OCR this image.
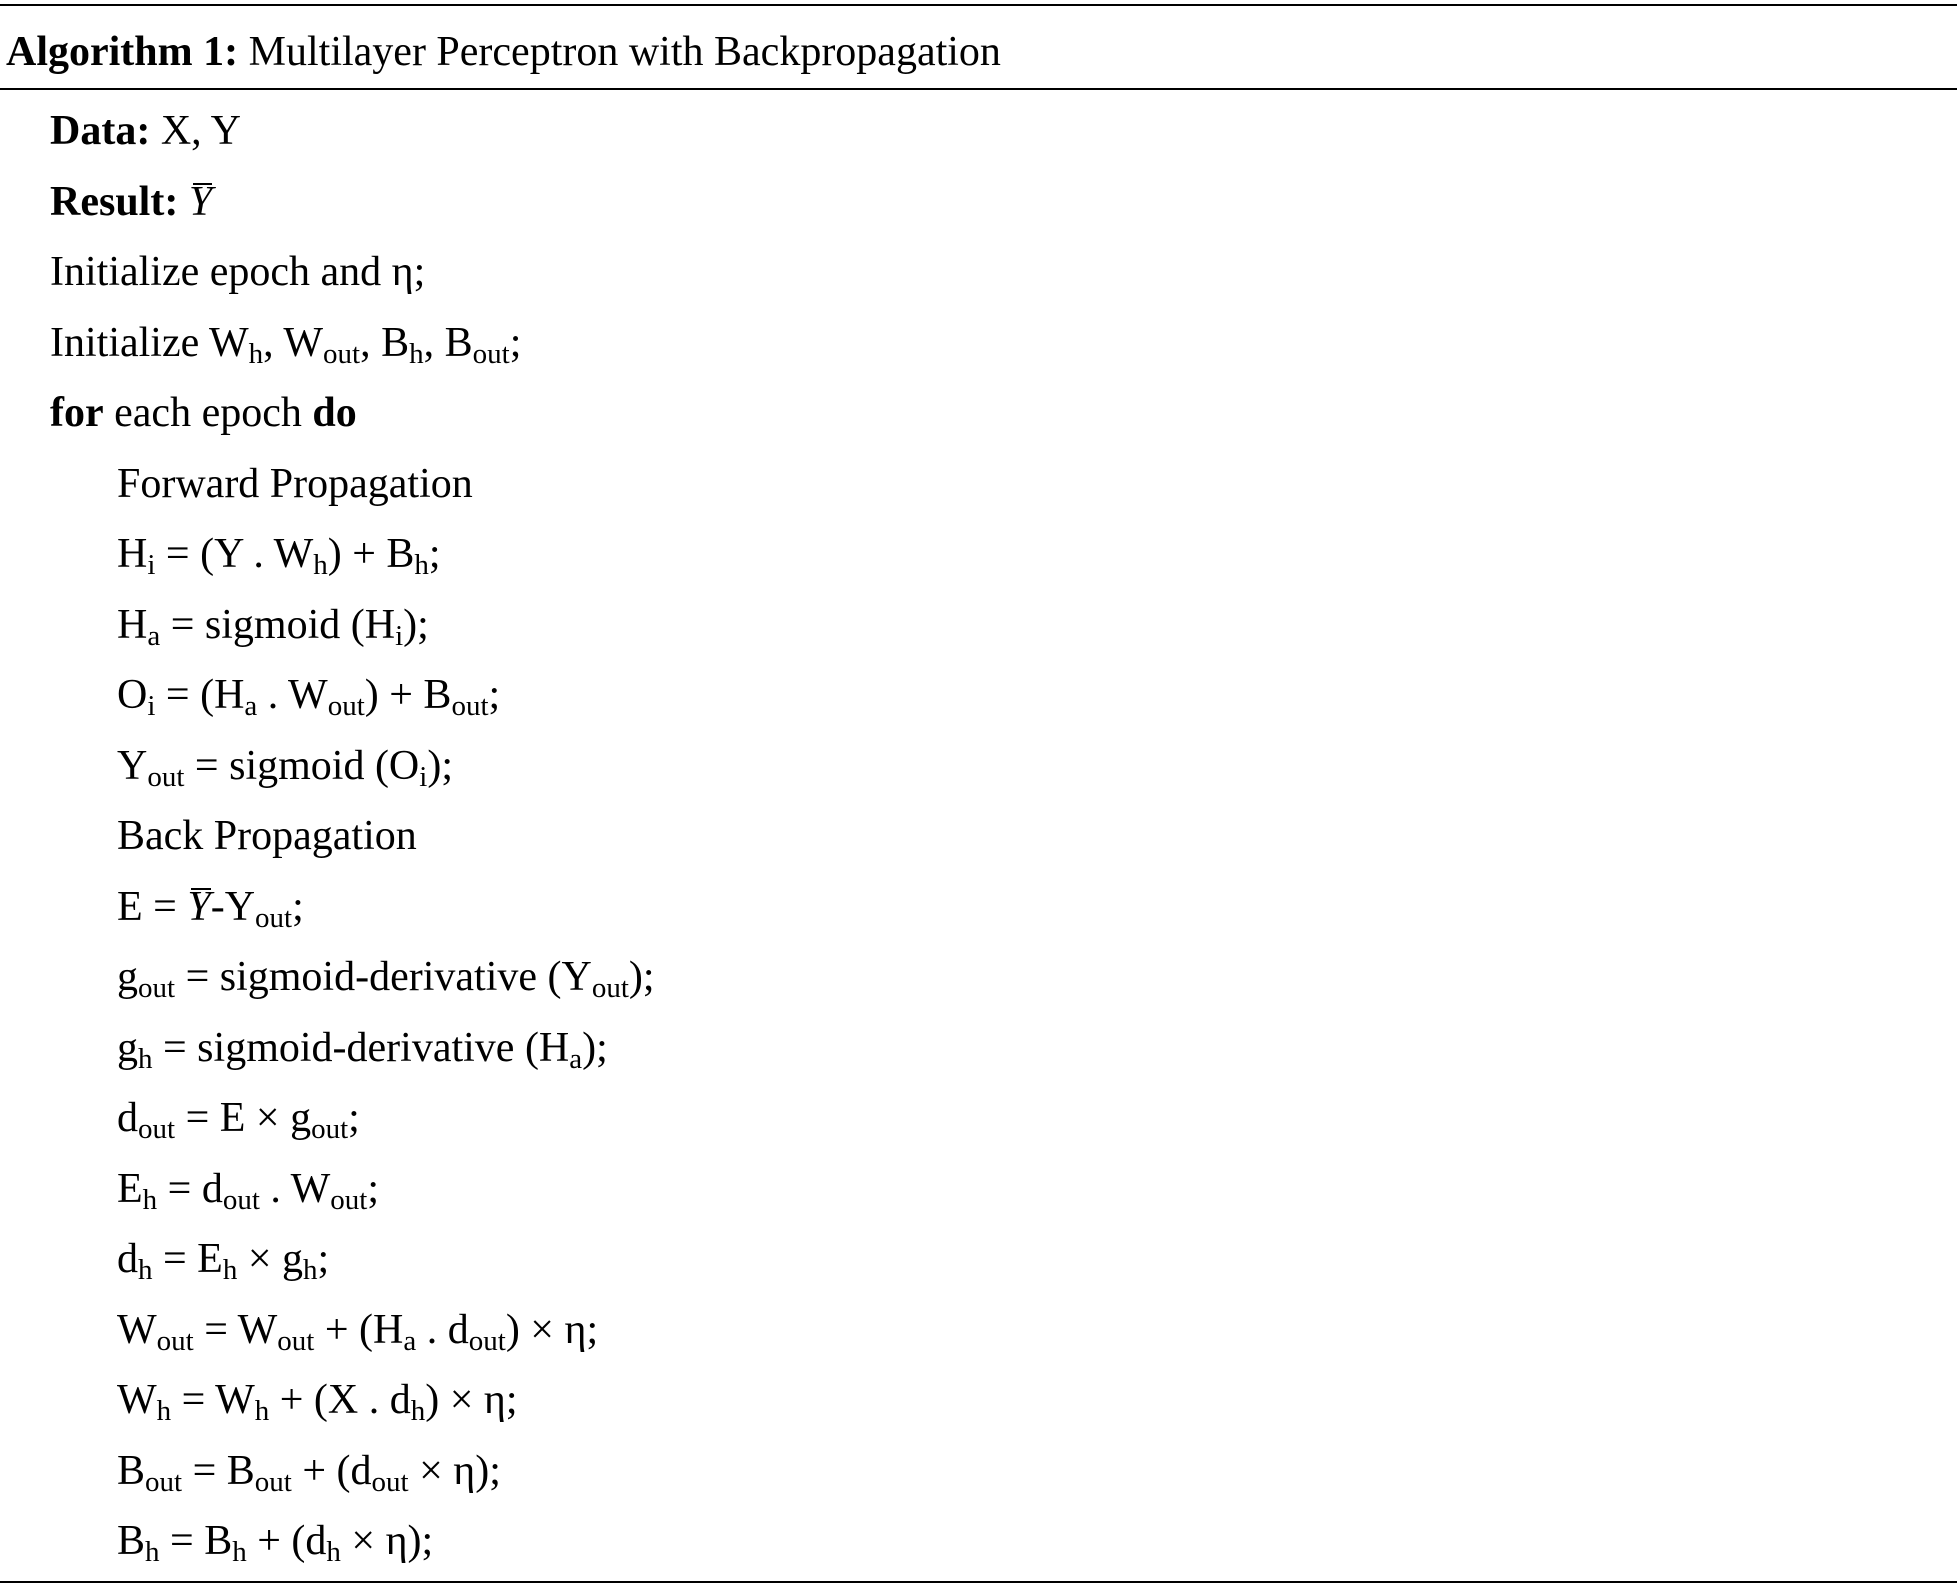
Algorithm 1: Multilayer Perceptron with Backpropagation
Data: X, Y
Result: Y
Initialize epoch and η;
Initialize $W_h$, $W_{out}$, $B_h$, $B_{out}$;
for each epoch do
Forward Propagation
$H_i = (Y$ . $W_h) + B_h$;
$H_a$ = sigmoid $(H_i)$;
$O_i = (H_a$ . $W_{out}) + B_{out}$;
$Y_{out}$ = sigmoid $(O_i)$;
Back Propagation
$E = Y-Y_{out}$;
$g_{out}$ = sigmoid-derivative $(Y_{out})$;
$g_h$ = sigmoid-derivative $(H_a)$;
$d_{out} = E \times g_{out}$;
$E_h = d_{out}$ . $W_{out}$;
$d_h = E_h \times g_h$;
$W_{out} = W_{out} + (H_a$ . $d_{out}) \times \eta$;
$W_h = W_h + (X$ . $d_h) \times \eta$;
$B_{out} = B_{out} + (d_{out} \times \eta)$;
$B_h = B_h + (d_h \times \eta)$;
